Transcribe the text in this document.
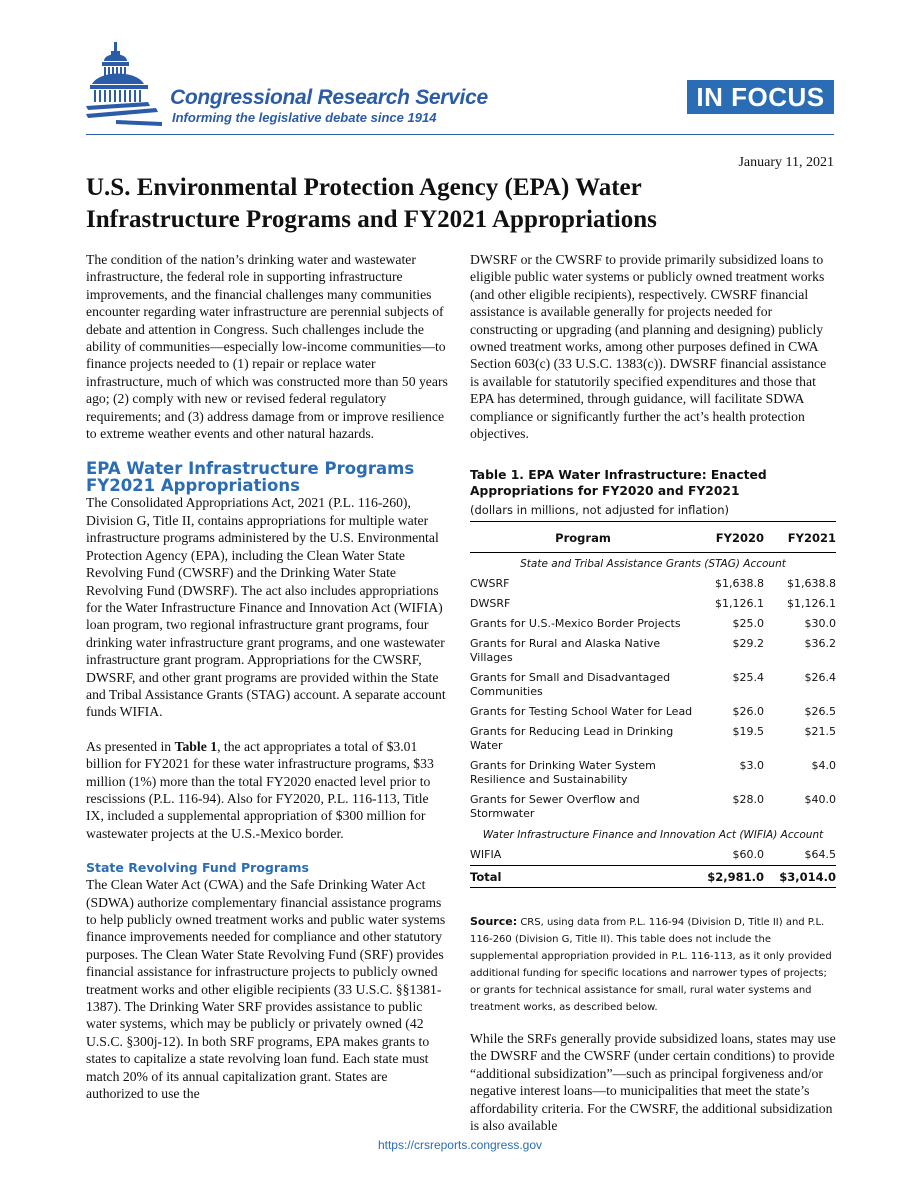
Congressional Research Service
Informing the legislative debate since 1914
IN FOCUS
January 11, 2021
U.S. Environmental Protection Agency (EPA) Water Infrastructure Programs and FY2021 Appropriations

The condition of the nation’s drinking water and wastewater infrastructure, the federal role in supporting infrastructure improvements, and the financial challenges many communities encounter regarding water infrastructure are perennial subjects of debate and attention in Congress. Such challenges include the ability of communities—especially low-income communities—to finance projects needed to (1) repair or replace water infrastructure, much of which was constructed more than 50 years ago; (2) comply with new or revised federal regulatory requirements; and (3) address damage from or improve resilience to extreme weather events and other natural hazards.

EPA Water Infrastructure Programs FY2021 Appropriations

The Consolidated Appropriations Act, 2021 (P.L. 116-260), Division G, Title II, contains appropriations for multiple water infrastructure programs administered by the U.S. Environmental Protection Agency (EPA), including the Clean Water State Revolving Fund (CWSRF) and the Drinking Water State Revolving Fund (DWSRF). The act also includes appropriations for the Water Infrastructure Finance and Innovation Act (WIFIA) loan program, two regional infrastructure grant programs, four drinking water infrastructure grant programs, and one wastewater infrastructure grant program. Appropriations for the CWSRF, DWSRF, and other grant programs are provided within the State and Tribal Assistance Grants (STAG) account. A separate account funds WIFIA.

As presented in Table 1, the act appropriates a total of $3.01 billion for FY2021 for these water infrastructure programs, $33 million (1%) more than the total FY2020 enacted level prior to rescissions (P.L. 116-94). Also for FY2020, P.L. 116-113, Title IX, included a supplemental appropriation of $300 million for wastewater projects at the U.S.-Mexico border.

State Revolving Fund Programs

The Clean Water Act (CWA) and the Safe Drinking Water Act (SDWA) authorize complementary financial assistance programs to help publicly owned treatment works and public water systems finance improvements needed for compliance and other statutory purposes. The Clean Water State Revolving Fund (SRF) provides financial assistance for infrastructure projects to publicly owned treatment works and other eligible recipients (33 U.S.C. §§1381-1387). The Drinking Water SRF provides assistance to public water systems, which may be publicly or privately owned (42 U.S.C. §300j-12). In both SRF programs, EPA makes grants to states to capitalize a state revolving loan fund. Each state must match 20% of its annual capitalization grant. States are authorized to use the

DWSRF or the CWSRF to provide primarily subsidized loans to eligible public water systems or publicly owned treatment works (and other eligible recipients), respectively. CWSRF financial assistance is available generally for projects needed for constructing or upgrading (and planning and designing) publicly owned treatment works, among other purposes defined in CWA Section 603(c) (33 U.S.C. 1383(c)). DWSRF financial assistance is available for statutorily specified expenditures and those that EPA has determined, through guidance, will facilitate SDWA compliance or significantly further the act’s health protection objectives.

Table 1. EPA Water Infrastructure: Enacted Appropriations for FY2020 and FY2021
(dollars in millions, not adjusted for inflation)
Program	FY2020	FY2021
State and Tribal Assistance Grants (STAG) Account		
CWSRF	$1,638.8	$1,638.8
DWSRF	$1,126.1	$1,126.1
Grants for U.S.-Mexico Border Projects	$25.0	$30.0
Grants for Rural and Alaska Native Villages	$29.2	$36.2
Grants for Small and Disadvantaged Communities	$25.4	$26.4
Grants for Testing School Water for Lead	$26.0	$26.5
Grants for Reducing Lead in Drinking Water	$19.5	$21.5
Grants for Drinking Water System Resilience and Sustainability	$3.0	$4.0
Grants for Sewer Overflow and Stormwater	$28.0	$40.0
Water Infrastructure Finance and Innovation Act (WIFIA) Account		
WIFIA	$60.0	$64.5
Total	$2,981.0	$3,014.0
Source: CRS, using data from P.L. 116-94 (Division D, Title II) and P.L. 116-260 (Division G, Title II). This table does not include the supplemental appropriation provided in P.L. 116-113, as it only provided additional funding for specific locations and narrower types of projects; or grants for technical assistance for small, rural water systems and treatment works, as described below.

While the SRFs generally provide subsidized loans, states may use the DWSRF and the CWSRF (under certain conditions) to provide “additional subsidization”—such as principal forgiveness and/or negative interest loans—to municipalities that meet the state’s affordability criteria. For the CWSRF, the additional subsidization is also available

https://crsreports.congress.gov
